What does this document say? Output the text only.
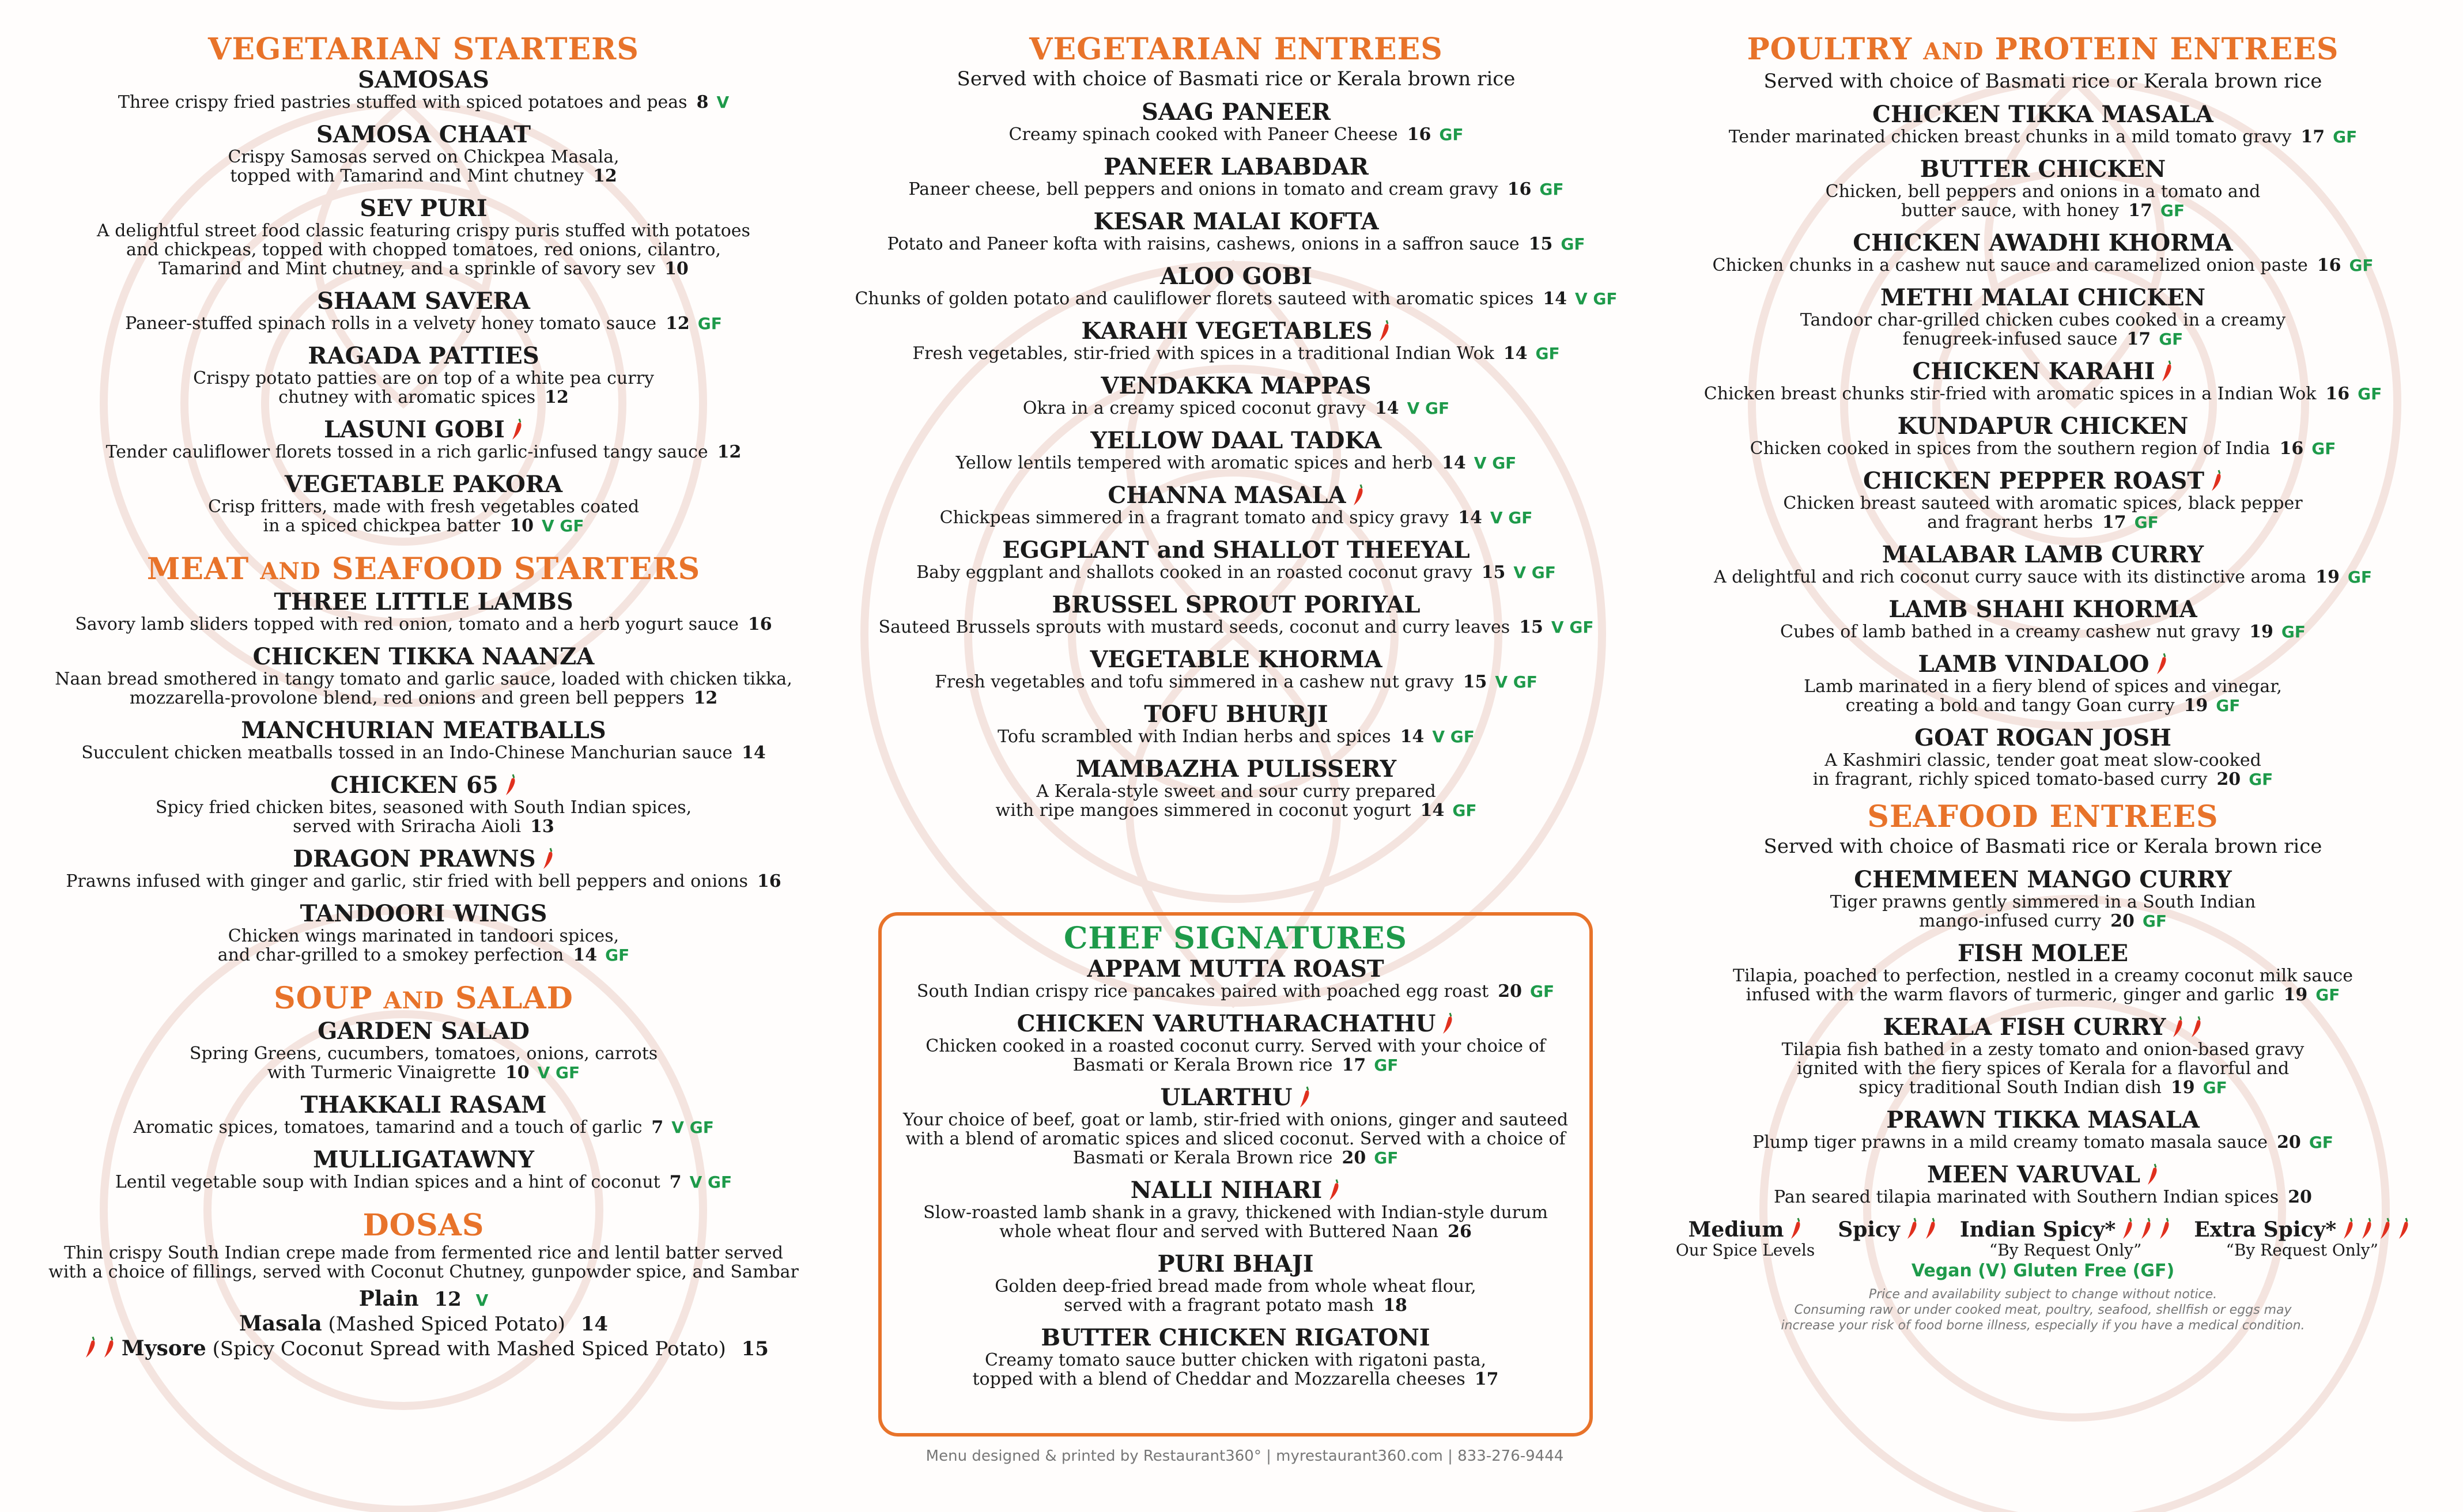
VEGETARIAN STARTERS
SAMOSAS
Three crispy fried pastries stuffed with spiced potatoes and peas 8 V
SAMOSA CHAAT
Crispy Samosas served on Chickpea Masala,
topped with Tamarind and Mint chutney 12
SEV PURI
A delightful street food classic featuring crispy puris stuffed with potatoes
and chickpeas, topped with chopped tomatoes, red onions, cilantro,
Tamarind and Mint chutney, and a sprinkle of savory sev 10
SHAAM SAVERA
Paneer-stuffed spinach rolls in a velvety honey tomato sauce 12 GF
RAGADA PATTIES
Crispy potato patties are on top of a white pea curry
chutney with aromatic spices 12
LASUNI GOBI
Tender cauliflower florets tossed in a rich garlic-infused tangy sauce 12
VEGETABLE PAKORA
Crisp fritters, made with fresh vegetables coated
in a spiced chickpea batter 10 V GF
MEAT AND SEAFOOD STARTERS
THREE LITTLE LAMBS
Savory lamb sliders topped with red onion, tomato and a herb yogurt sauce 16
CHICKEN TIKKA NAANZA
Naan bread smothered in tangy tomato and garlic sauce, loaded with chicken tikka,
mozzarella-provolone blend, red onions and green bell peppers 12
MANCHURIAN MEATBALLS
Succulent chicken meatballs tossed in an Indo-Chinese Manchurian sauce 14
CHICKEN 65
Spicy fried chicken bites, seasoned with South Indian spices,
served with Sriracha Aioli 13
DRAGON PRAWNS
Prawns infused with ginger and garlic, stir fried with bell peppers and onions 16
TANDOORI WINGS
Chicken wings marinated in tandoori spices,
and char-grilled to a smokey perfection 14 GF
SOUP AND SALAD
GARDEN SALAD
Spring Greens, cucumbers, tomatoes, onions, carrots
with Turmeric Vinaigrette 10 V GF
THAKKALI RASAM
Aromatic spices, tomatoes, tamarind and a touch of garlic 7 V GF
MULLIGATAWNY
Lentil vegetable soup with Indian spices and a hint of coconut 7 V GF
DOSAS
Thin crispy South Indian crepe made from fermented rice and lentil batter served
with a choice of fillings, served with Coconut Chutney, gunpowder spice, and Sambar
Plain 12 V
Masala (Mashed Spiced Potato) 14
Mysore (Spicy Coconut Spread with Mashed Spiced Potato) 15
VEGETARIAN ENTREES
Served with choice of Basmati rice or Kerala brown rice
SAAG PANEER
Creamy spinach cooked with Paneer Cheese 16 GF
PANEER LABABDAR
Paneer cheese, bell peppers and onions in tomato and cream gravy 16 GF
KESAR MALAI KOFTA
Potato and Paneer kofta with raisins, cashews, onions in a saffron sauce 15 GF
ALOO GOBI
Chunks of golden potato and cauliflower florets sauteed with aromatic spices 14 V GF
KARAHI VEGETABLES
Fresh vegetables, stir-fried with spices in a traditional Indian Wok 14 GF
VENDAKKA MAPPAS
Okra in a creamy spiced coconut gravy 14 V GF
YELLOW DAAL TADKA
Yellow lentils tempered with aromatic spices and herb 14 V GF
CHANNA MASALA
Chickpeas simmered in a fragrant tomato and spicy gravy 14 V GF
EGGPLANT and SHALLOT THEEYAL
Baby eggplant and shallots cooked in an roasted coconut gravy 15 V GF
BRUSSEL SPROUT PORIYAL
Sauteed Brussels sprouts with mustard seeds, coconut and curry leaves 15 V GF
VEGETABLE KHORMA
Fresh vegetables and tofu simmered in a cashew nut gravy 15 V GF
TOFU BHURJI
Tofu scrambled with Indian herbs and spices 14 V GF
MAMBAZHA PULISSERY
A Kerala-style sweet and sour curry prepared
with ripe mangoes simmered in coconut yogurt 14 GF
CHEF SIGNATURES
APPAM MUTTA ROAST
South Indian crispy rice pancakes paired with poached egg roast 20 GF
CHICKEN VARUTHARACHATHU
Chicken cooked in a roasted coconut curry. Served with your choice of
Basmati or Kerala Brown rice 17 GF
ULARTHU
Your choice of beef, goat or lamb, stir-fried with onions, ginger and sauteed
with a blend of aromatic spices and sliced coconut. Served with a choice of
Basmati or Kerala Brown rice 20 GF
NALLI NIHARI
Slow-roasted lamb shank in a gravy, thickened with Indian-style durum
whole wheat flour and served with Buttered Naan 26
PURI BHAJI
Golden deep-fried bread made from whole wheat flour,
served with a fragrant potato mash 18
BUTTER CHICKEN RIGATONI
Creamy tomato sauce butter chicken with rigatoni pasta,
topped with a blend of Cheddar and Mozzarella cheeses 17
Menu designed & printed by Restaurant360° | myrestaurant360.com | 833-276-9444
POULTRY AND PROTEIN ENTREES
Served with choice of Basmati rice or Kerala brown rice
CHICKEN TIKKA MASALA
Tender marinated chicken breast chunks in a mild tomato gravy 17 GF
BUTTER CHICKEN
Chicken, bell peppers and onions in a tomato and
butter sauce, with honey 17 GF
CHICKEN AWADHI KHORMA
Chicken chunks in a cashew nut sauce and caramelized onion paste 16 GF
METHI MALAI CHICKEN
Tandoor char-grilled chicken cubes cooked in a creamy
fenugreek-infused sauce 17 GF
CHICKEN KARAHI
Chicken breast chunks stir-fried with aromatic spices in a Indian Wok 16 GF
KUNDAPUR CHICKEN
Chicken cooked in spices from the southern region of India 16 GF
CHICKEN PEPPER ROAST
Chicken breast sauteed with aromatic spices, black pepper
and fragrant herbs 17 GF
MALABAR LAMB CURRY
A delightful and rich coconut curry sauce with its distinctive aroma 19 GF
LAMB SHAHI KHORMA
Cubes of lamb bathed in a creamy cashew nut gravy 19 GF
LAMB VINDALOO
Lamb marinated in a fiery blend of spices and vinegar,
creating a bold and tangy Goan curry 19 GF
GOAT ROGAN JOSH
A Kashmiri classic, tender goat meat slow-cooked
in fragrant, richly spiced tomato-based curry 20 GF
SEAFOOD ENTREES
Served with choice of Basmati rice or Kerala brown rice
CHEMMEEN MANGO CURRY
Tiger prawns gently simmered in a South Indian
mango-infused curry 20 GF
FISH MOLEE
Tilapia, poached to perfection, nestled in a creamy coconut milk sauce
infused with the warm flavors of turmeric, ginger and garlic 19 GF
KERALA FISH CURRY
Tilapia fish bathed in a zesty tomato and onion-based gravy
ignited with the fiery spices of Kerala for a flavorful and
spicy traditional South Indian dish 19 GF
PRAWN TIKKA MASALA
Plump tiger prawns in a mild creamy tomato masala sauce 20 GF
MEEN VARUVAL
Pan seared tilapia marinated with Southern Indian spices 20
Medium
Our Spice Levels
Spicy
	Indian Spicy*
“By Request Only”
Extra Spicy*
“By Request Only”
Vegan (V) Gluten Free (GF)
Price and availability subject to change without notice.
Consuming raw or under cooked meat, poultry, seafood, shellfish or eggs may
increase your risk of food borne illness, especially if you have a medical condition.
